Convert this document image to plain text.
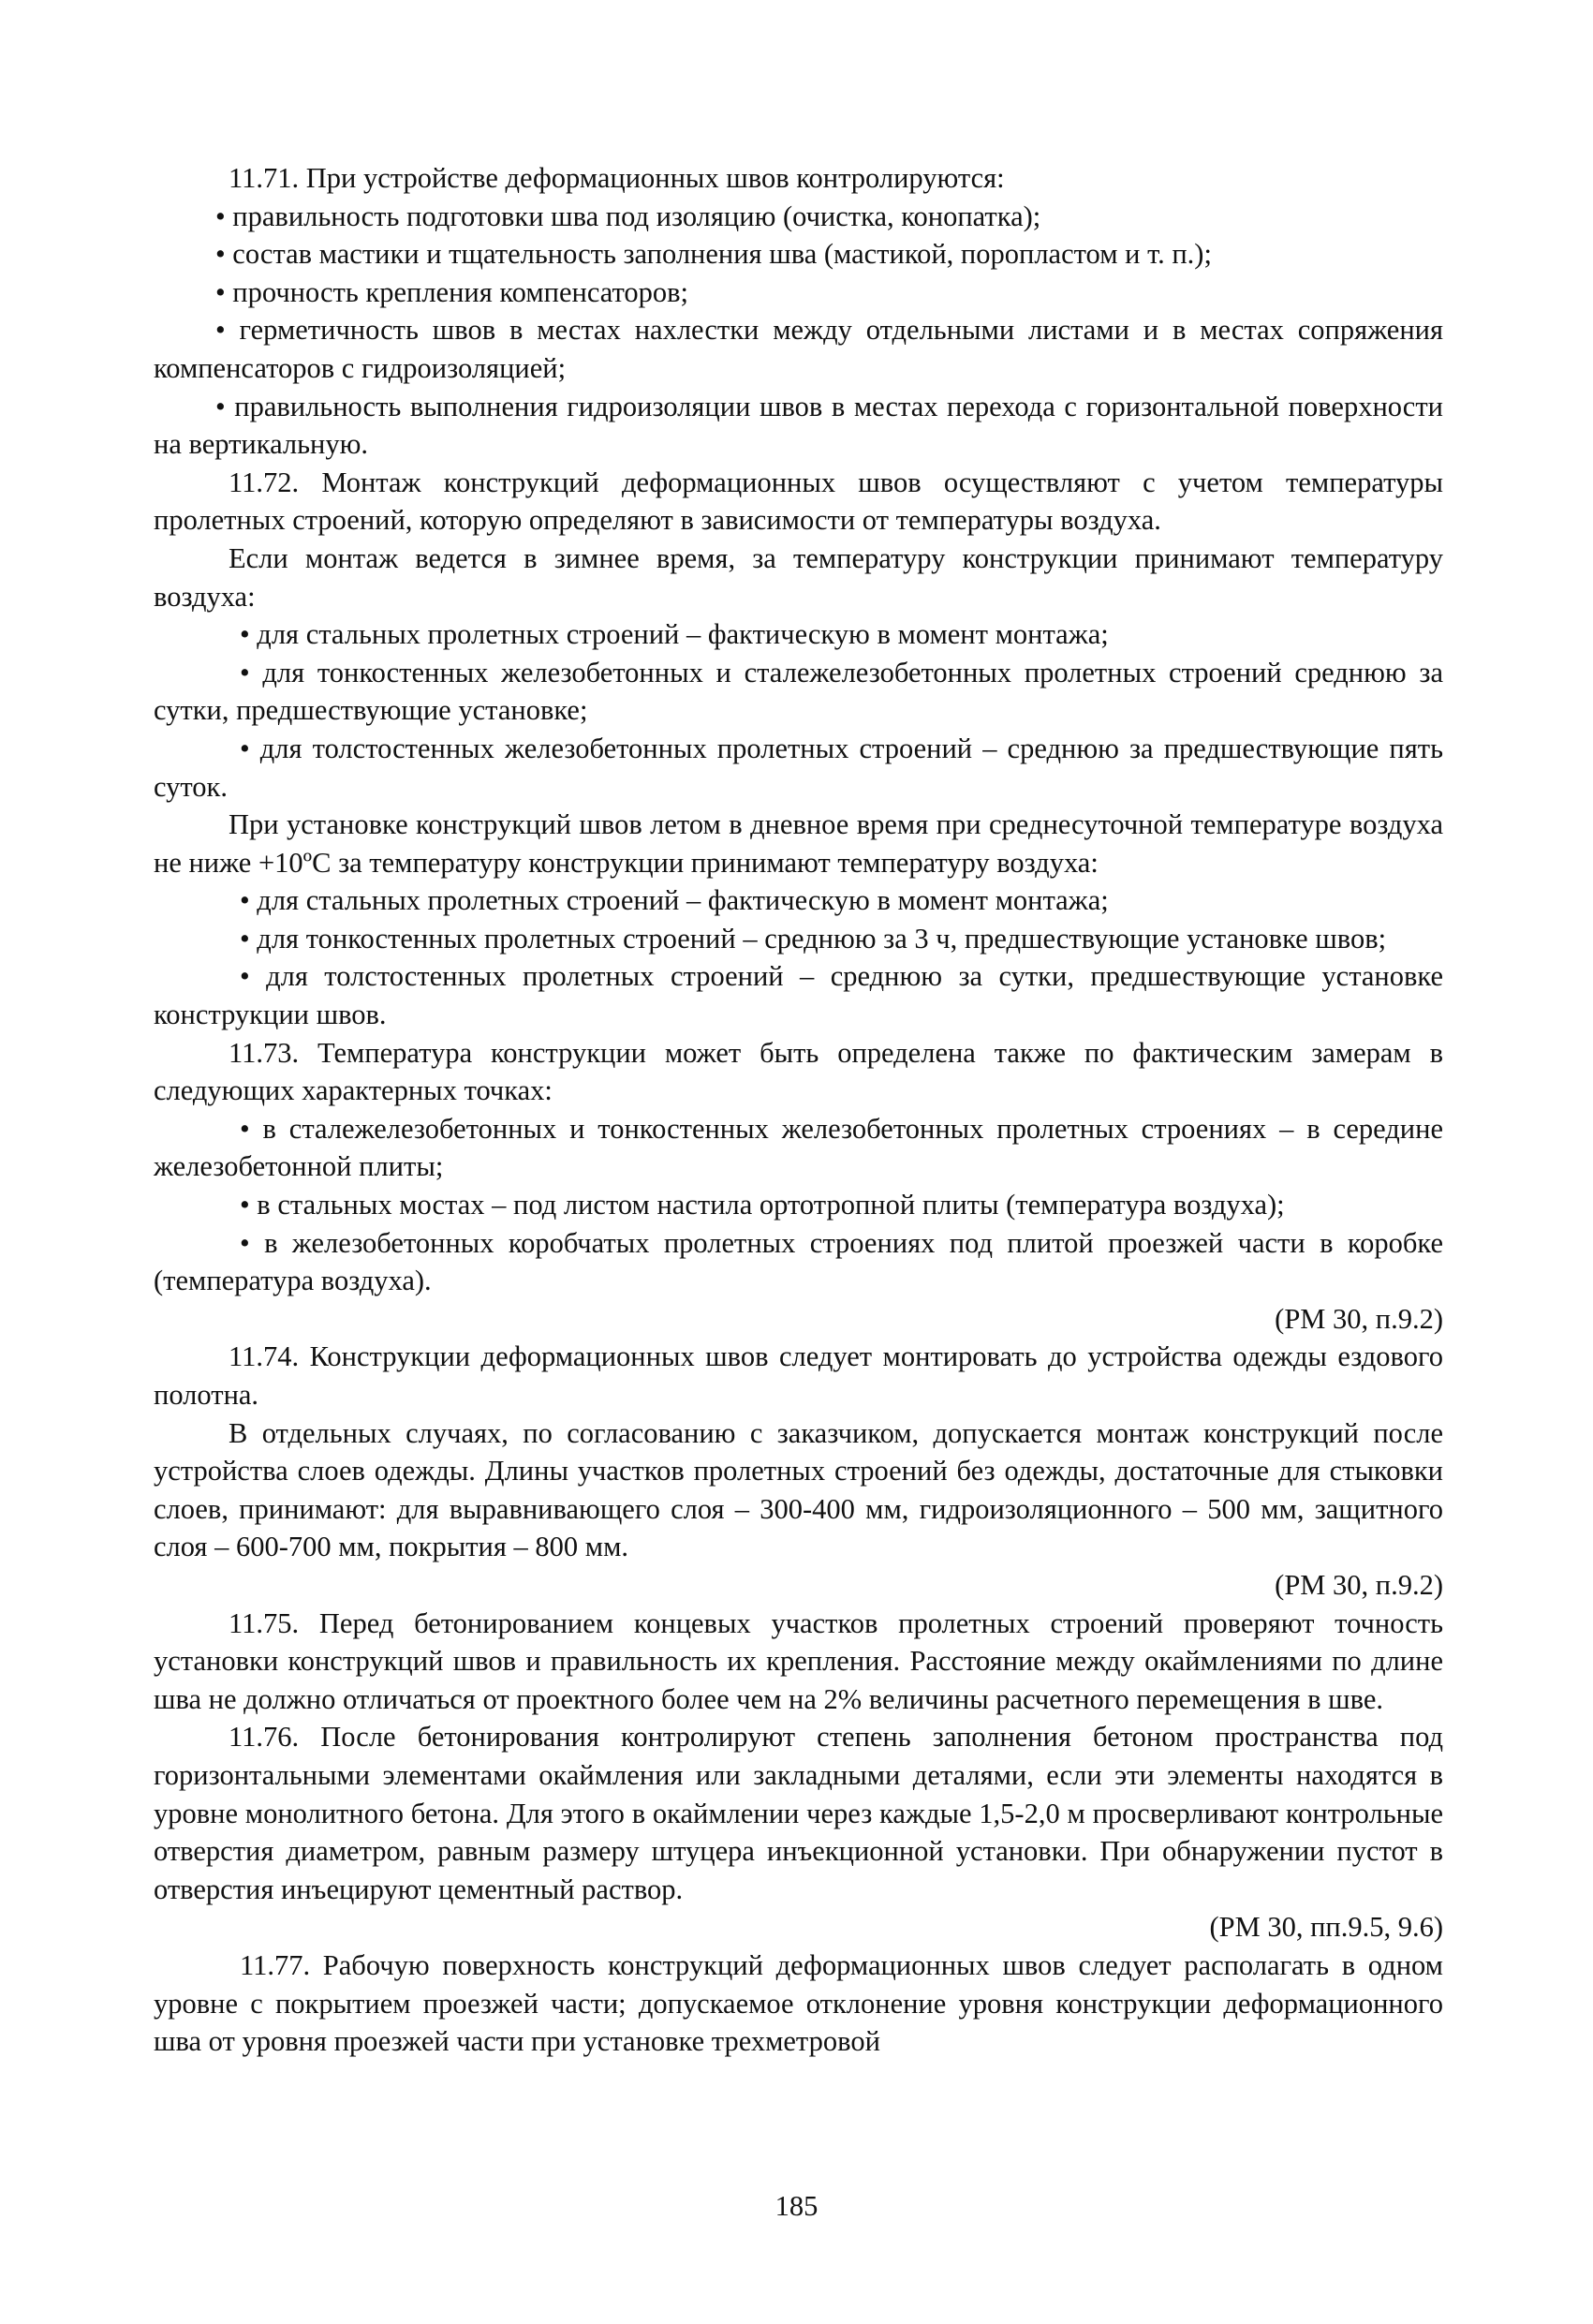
11.71. При устройстве деформационных швов контролируются:

• правильность подготовки шва под изоляцию (очистка, конопатка);

• состав мастики и тщательность заполнения шва (мастикой, поропластом и т. п.);

• прочность крепления компенсаторов;

• герметичность швов в местах нахлестки между отдельными листами и в местах сопряжения компенсаторов с гидроизоляцией;

• правильность выполнения гидроизоляции швов в местах перехода с горизонтальной поверхности на вертикальную.

11.72. Монтаж конструкций деформационных швов осуществляют с учетом температуры пролетных строений, которую определяют в зависимости от температуры воздуха.

Если монтаж ведется в зимнее время, за температуру конструкции принимают температуру воздуха:

• для стальных пролетных строений – фактическую в момент монтажа;

• для тонкостенных железобетонных и сталежелезобетонных пролетных строений среднюю за сутки, предшествующие установке;

• для толстостенных железобетонных пролетных строений – среднюю за предшествующие пять суток.

При установке конструкций швов летом в дневное время при среднесуточной температуре воздуха не ниже +10ºС за температуру конструкции принимают температуру воздуха:

• для стальных пролетных строений – фактическую в момент монтажа;

• для тонкостенных пролетных строений – среднюю за 3 ч, предшествующие установке швов;

• для толстостенных пролетных строений – среднюю за сутки, предшествующие установке конструкции швов.

11.73. Температура конструкции может быть определена также по фактическим замерам в следующих характерных точках:

• в сталежелезобетонных и тонкостенных железобетонных пролетных строениях – в середине железобетонной плиты;

• в стальных мостах – под листом настила ортотропной плиты (температура воздуха);

• в железобетонных коробчатых пролетных строениях под плитой проезжей части в коробке (температура воздуха).

(РМ 30, п.9.2)

11.74. Конструкции деформационных швов следует монтировать до устройства одежды ездового полотна.

В отдельных случаях, по согласованию с заказчиком, допускается монтаж конструкций после устройства слоев одежды. Длины участков пролетных строений без одежды, достаточные для стыковки слоев, принимают: для выравнивающего слоя – 300-400 мм, гидроизоляционного – 500 мм, защитного слоя – 600-700 мм, покрытия – 800 мм.

(РМ 30, п.9.2)

11.75. Перед бетонированием концевых участков пролетных строений проверяют точность установки конструкций швов и правильность их крепления. Расстояние между окаймлениями по длине шва не должно отличаться от проектного более чем на 2% величины расчетного перемещения в шве.

11.76. После бетонирования контролируют степень заполнения бетоном пространства под горизонтальными элементами окаймления или закладными деталями, если эти элементы находятся в уровне монолитного бетона. Для этого в окаймлении через каждые 1,5-2,0 м просверливают контрольные отверстия диаметром, равным размеру штуцера инъекционной установки. При обнаружении пустот в отверстия инъецируют цементный раствор.

(РМ 30, пп.9.5, 9.6)

11.77. Рабочую поверхность конструкций деформационных швов следует располагать в одном уровне с покрытием проезжей части; допускаемое отклонение уровня конструкции деформационного шва от уровня проезжей части при установке трехметровой

185
